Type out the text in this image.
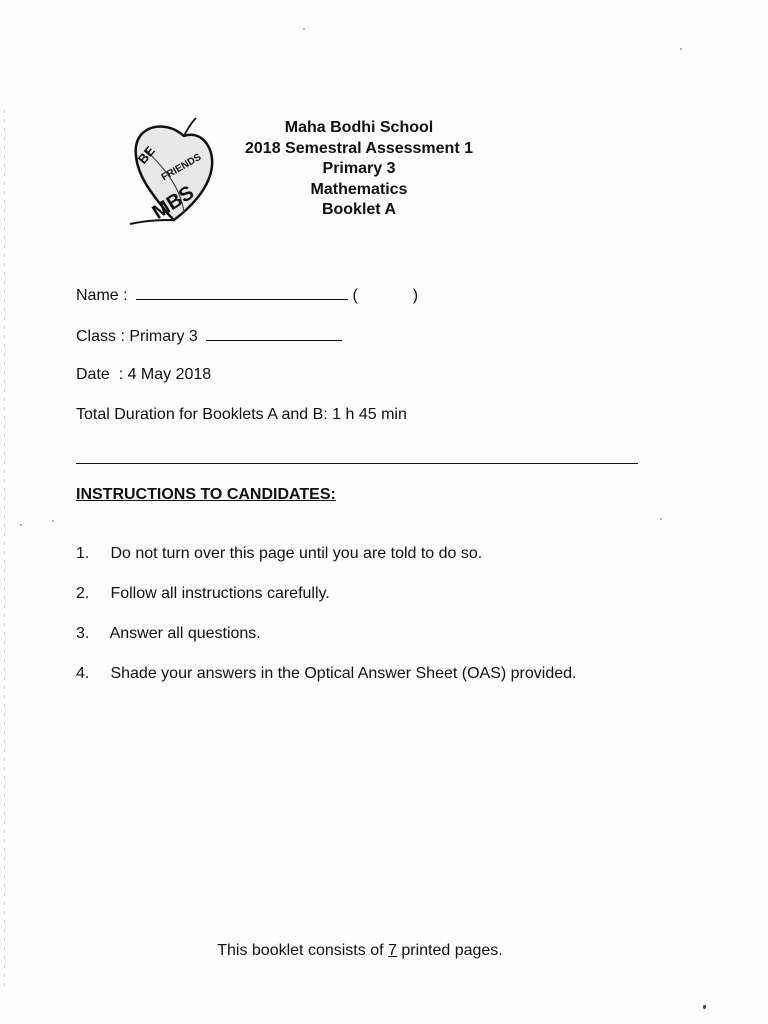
BE FRIENDS
MBS
Maha Bodhi School
2018 Semestral Assessment 1
Primary 3
Mathematics
Booklet A
Name :	(	)
Class : Primary 3
Date  : 4 May 2018
Total Duration for Booklets A and B: 1 h 45 min
INSTRUCTIONS TO CANDIDATES:
1. Do not turn over this page until you are told to do so.
2. Follow all instructions carefully.
3. Answer all questions.
4. Shade your answers in the Optical Answer Sheet (OAS) provided.
This booklet consists of 7 printed pages.
